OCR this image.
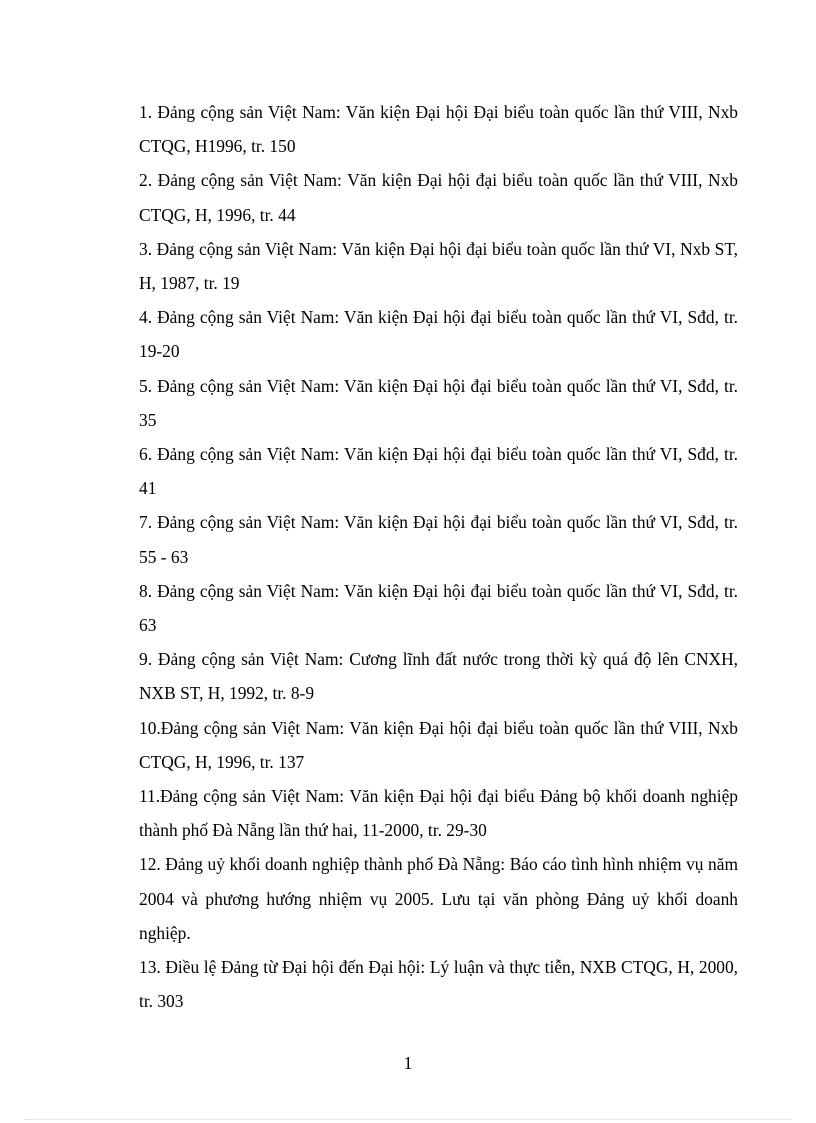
1. Đảng cộng sản Việt Nam: Văn kiện Đại hội Đại biểu toàn quốc lần thứ VIII, Nxb CTQG, H1996, tr. 150
2. Đảng cộng sản Việt Nam: Văn kiện Đại hội đại biểu toàn quốc lần thứ VIII, Nxb CTQG, H, 1996, tr. 44
3. Đảng cộng sản Việt Nam: Văn kiện Đại hội đại biểu toàn quốc lần thứ VI, Nxb ST, H, 1987, tr. 19
4. Đảng cộng sản Việt Nam: Văn kiện Đại hội đại biểu toàn quốc lần thứ VI, Sđd, tr. 19-20
5. Đảng cộng sản Việt Nam: Văn kiện Đại hội đại biểu toàn quốc lần thứ VI, Sđd, tr. 35
6. Đảng cộng sản Việt Nam: Văn kiện Đại hội đại biểu toàn quốc lần thứ VI, Sđd, tr. 41
7. Đảng cộng sản Việt Nam: Văn kiện Đại hội đại biểu toàn quốc lần thứ VI, Sđd, tr. 55 - 63
8. Đảng cộng sản Việt Nam: Văn kiện Đại hội đại biểu toàn quốc lần thứ VI, Sđd, tr. 63
9. Đảng cộng sản Việt Nam: Cương lĩnh đất nước trong thời kỳ quá độ lên CNXH, NXB ST, H, 1992, tr. 8-9
10.Đảng cộng sản Việt Nam: Văn kiện Đại hội đại biểu toàn quốc lần thứ VIII, Nxb CTQG, H, 1996, tr. 137
11.Đảng cộng sản Việt Nam: Văn kiện Đại hội đại biểu Đảng bộ khối doanh nghiệp thành phố Đà Nẵng lần thứ hai, 11-2000, tr. 29-30
12. Đảng uỷ khối doanh nghiệp thành phố Đà Nẵng: Báo cáo tình hình nhiệm vụ năm 2004 và phương hướng nhiệm vụ 2005. Lưu tại văn phòng Đảng uỷ khối doanh nghiệp.
13. Điều lệ Đảng từ Đại hội đến Đại hội: Lý luận và thực tiễn, NXB CTQG, H, 2000, tr. 303
1
